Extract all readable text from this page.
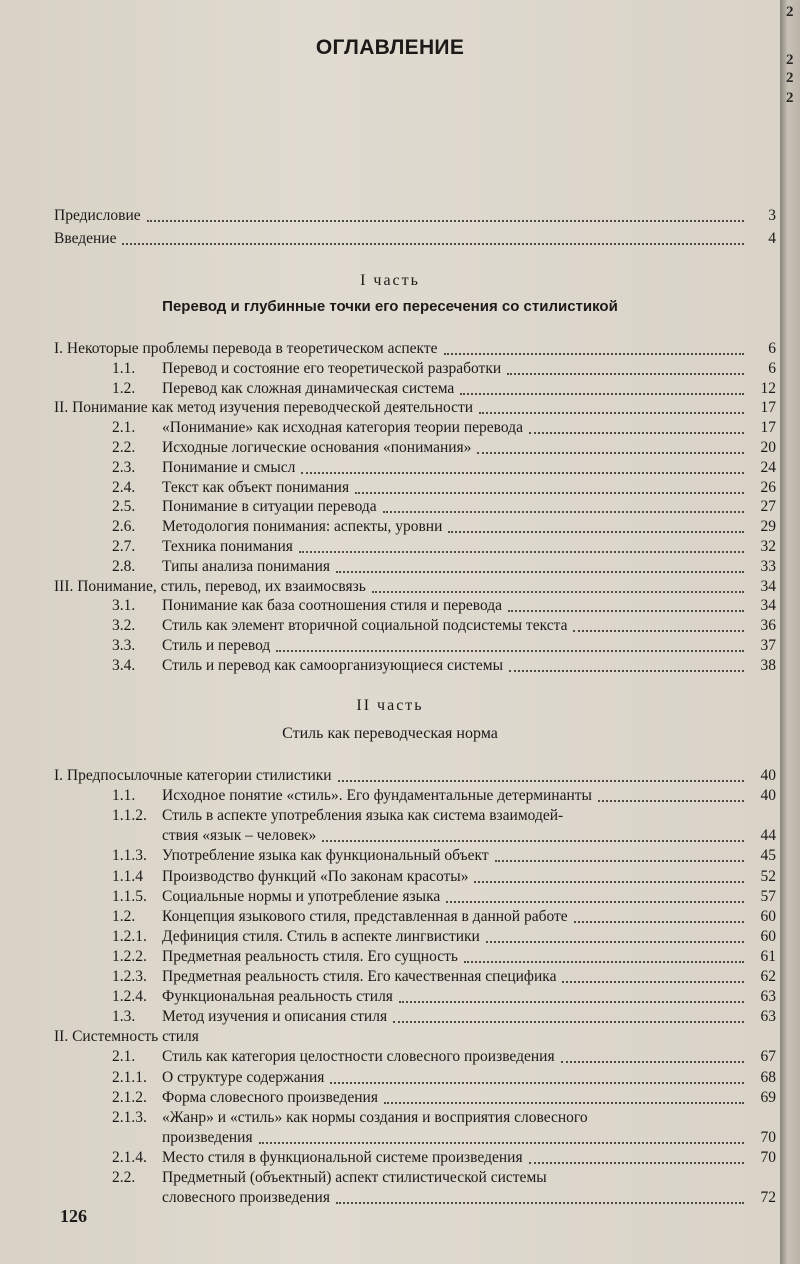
ОГЛАВЛЕНИЕ
Предисловие	3
Введение	4
I часть
Перевод и глубинные точки его пересечения со стилистикой
I. Некоторые проблемы перевода в теоретическом аспекте	6
1.1.	Перевод и состояние его теоретической разработки	6
1.2.	Перевод как сложная динамическая система	12
II. Понимание как метод изучения переводческой деятельности	17
2.1.	«Понимание» как исходная категория теории перевода	17
2.2.	Исходные логические основания «понимания»	20
2.3.	Понимание и смысл	24
2.4.	Текст как объект понимания	26
2.5.	Понимание в ситуации перевода	27
2.6.	Методология понимания: аспекты, уровни	29
2.7.	Техника понимания	32
2.8.	Типы анализа понимания	33
III. Понимание, стиль, перевод, их взаимосвязь	34
3.1.	Понимание как база соотношения стиля и перевода	34
3.2.	Стиль как элемент вторичной социальной подсистемы текста	36
3.3.	Стиль и перевод	37
3.4.	Стиль и перевод как самоорганизующиеся системы	38
II часть
Стиль как переводческая норма
I. Предпосылочные категории стилистики	40
1.1.	Исходное понятие «стиль». Его фундаментальные детерминанты	40
1.1.2. Стиль в аспекте употребления языка как система взаимодей-
ствия «язык – человек»	44
1.1.3. Употребление языка как функциональный объект	45
1.1.4	Производство функций «По законам красоты»	52
1.1.5. Социальные нормы и употребление языка	57
1.2.	Концепция языкового стиля, представленная в данной работе	60
1.2.1. Дефиниция стиля. Стиль в аспекте лингвистики	60
1.2.2. Предметная реальность стиля. Его сущность	61
1.2.3. Предметная реальность стиля. Его качественная специфика	62
1.2.4. Функциональная реальность стиля	63
1.3.	Метод изучения и описания стиля	63
II. Системность стиля
2.1.	Стиль как категория целостности словесного произведения	67
2.1.1. О структуре содержания	68
2.1.2. Форма словесного произведения	69
2.1.3. «Жанр» и «стиль» как нормы создания и восприятия словесного
произведения	70
2.1.4. Место стиля в функциональной системе произведения	70
2.2.	Предметный (объектный) аспект стилистической системы
словесного произведения	72
126
2
2
2
2
